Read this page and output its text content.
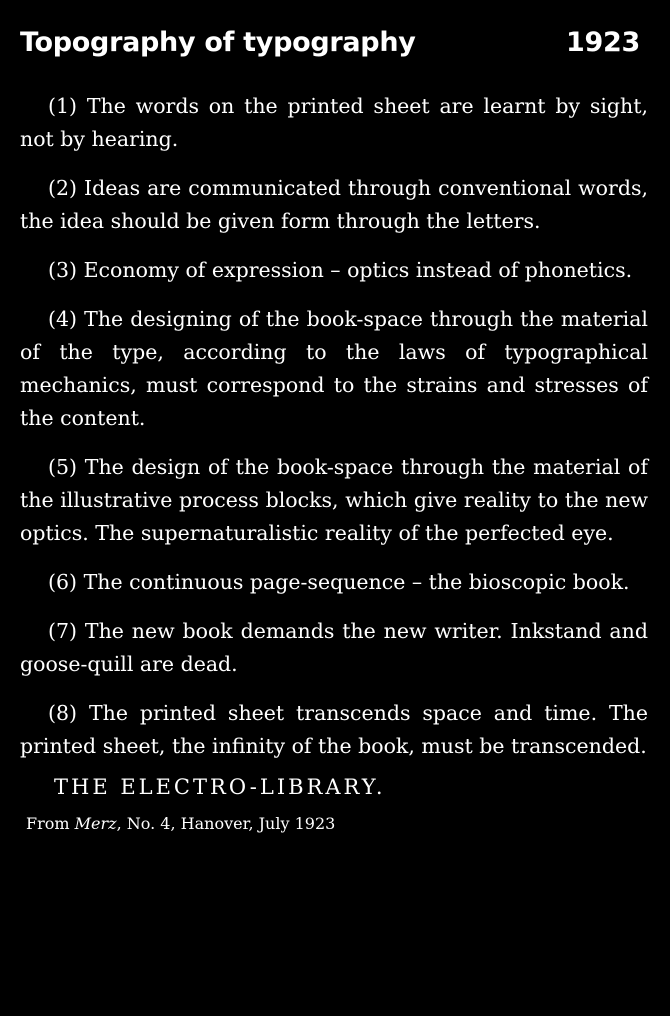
Topography of typography	1923

(1) The words on the printed sheet are learnt by sight, not by hearing.

(2) Ideas are communicated through conventional words, the idea should be given form through the letters.

(3) Economy of expression – optics instead of phonetics.

(4) The designing of the book-space through the material of the type, according to the laws of typographical mechanics, must correspond to the strains and stresses of the content.

(5) The design of the book-space through the material of the illustrative process blocks, which give reality to the new optics. The supernaturalistic reality of the perfected eye.

(6) The continuous page-sequence – the bioscopic book.

(7) The new book demands the new writer. Inkstand and goose-quill are dead.

(8) The printed sheet transcends space and time. The printed sheet, the infinity of the book, must be transcended.

THE ELECTRO-LIBRARY.
From Merz, No. 4, Hanover, July 1923
